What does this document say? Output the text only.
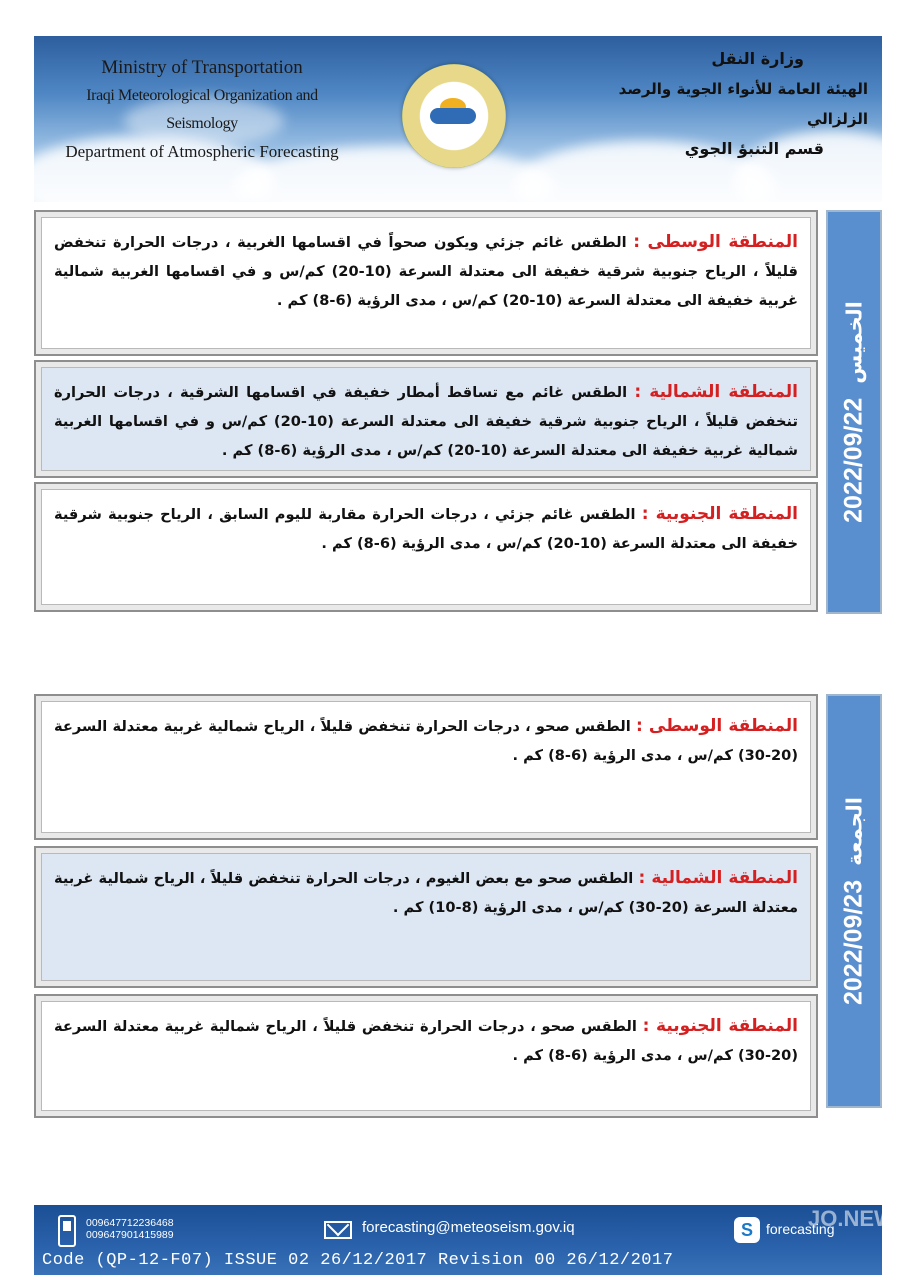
Ministry of Transportation
Iraqi Meteorological Organization and Seismology
Department of Atmospheric Forecasting
وزارة النقل
الهيئة العامة للأنواء الجوية والرصد الزلزالي
قسم التنبؤ الجوي
المنطقة الوسطى : الطقس غائم جزئي ويكون صحواً في اقسامها الغربية ، درجات الحرارة تنخفض قليلاً ، الرياح جنوبية شرقية خفيفة الى معتدلة السرعة (10-20) كم/س و في اقسامها الغربية شمالية غربية خفيفة الى معتدلة السرعة (10-20) كم/س ، مدى الرؤية (6-8) كم .
المنطقة الشمالية : الطقس غائم مع تساقط أمطار خفيفة في اقسامها الشرقية ، درجات الحرارة تنخفض قليلاً ، الرياح جنوبية شرقية خفيفة الى معتدلة السرعة (10-20) كم/س و في اقسامها الغربية شمالية غربية خفيفة الى معتدلة السرعة (10-20) كم/س ، مدى الرؤية (6-8) كم .
المنطقة الجنوبية : الطقس غائم جزئي ، درجات الحرارة مقاربة لليوم السابق ، الرياح جنوبية شرقية خفيفة الى معتدلة السرعة (10-20) كم/س ، مدى الرؤية (6-8) كم .
2022/09/22الخميس
المنطقة الوسطى : الطقس صحو ، درجات الحرارة تنخفض قليلاً ، الرياح شمالية غربية معتدلة السرعة (20-30) كم/س ، مدى الرؤية (6-8) كم .
المنطقة الشمالية : الطقس صحو مع بعض الغيوم ، درجات الحرارة تنخفض قليلاً ، الرياح شمالية غربية معتدلة السرعة (20-30) كم/س ، مدى الرؤية (8-10) كم .
المنطقة الجنوبية : الطقس صحو ، درجات الحرارة تنخفض قليلاً ، الرياح شمالية غربية معتدلة السرعة (20-30) كم/س ، مدى الرؤية (6-8) كم .
2022/09/23الجمعة
009647712236468
009647901415989	forecasting@meteoseism.gov.iq	S forecasting
Code (QP-12-F07) ISSUE 02 26/12/2017 Revision 00 26/12/2017
JO.NEW
